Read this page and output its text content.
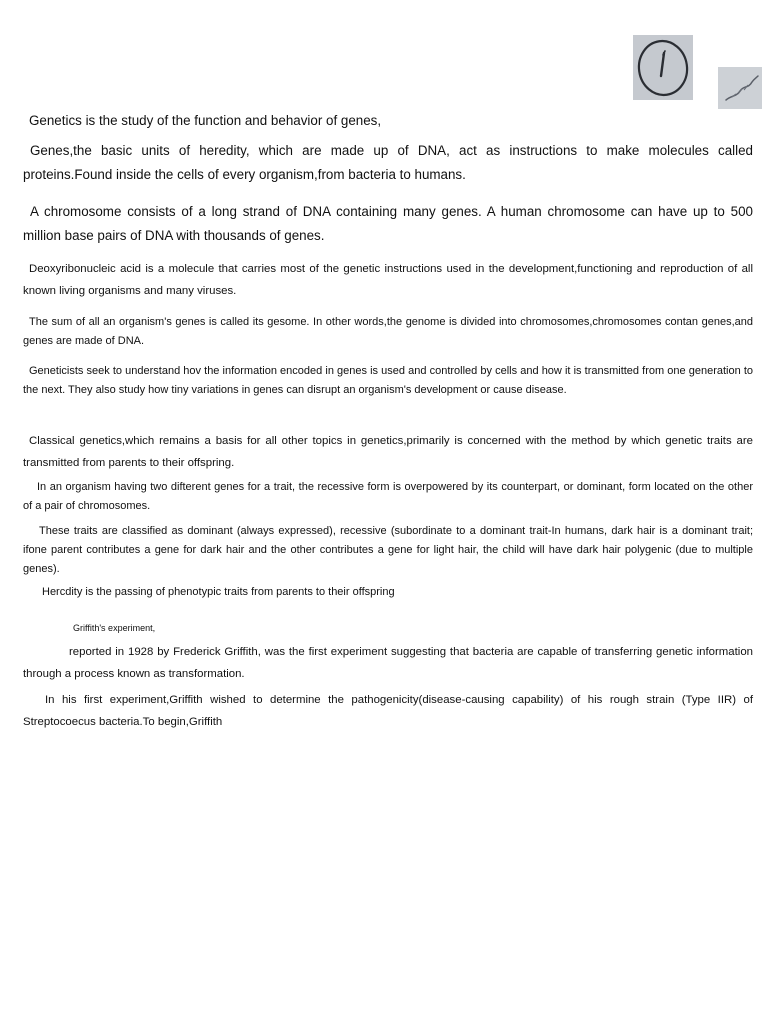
Genetics is the study of the function and behavior of genes,

Genes,the basic units of heredity, which are made up of DNA, act as instructions to make molecules called proteins.Found inside the cells of every organism,from bacteria to humans.

A chromosome consists of a long strand of DNA containing many genes. A human chromosome can have up to 500 million base pairs of DNA with thousands of genes.

Deoxyribonucleic acid is a molecule that carries most of the genetic instructions used in the development,functioning and reproduction of all known living organisms and many viruses.

The sum of all an organism's genes is called its gesome. In other words,the genome is divided into chromosomes,chromosomes contan genes,and genes are made of DNA.

Geneticists seek to understand hov the information encoded in genes is used and controlled by cells and how it is transmitted from one generation to the next. They also study how tiny variations in genes can disrupt an organism's development or cause disease.

Classical genetics,which remains a basis for all other topics in genetics,primarily is concerned with the method by which genetic traits are transmitted from parents to their offspring.

In an organism having two difterent genes for a trait, the recessive form is overpowered by its counterpart, or dominant, form located on the other of a pair of chromosomes.

These traits are classified as dominant (always expressed), recessive (subordinate to a dominant trait-In humans, dark hair is a dominant trait; ifone parent contributes a gene for dark hair and the other contributes a gene for light hair, the child will have dark hair polygenic (due to multiple genes).

Hercdity is the passing of phenotypic traits from parents to their offspring

Griffith's experiment,

reported in 1928 by Frederick Griffith, was the first experiment suggesting that bacteria are capable of transferring genetic information through a process known as transformation.

In his first experiment,Griffith wished to determine the pathogenicity(disease-causing capability) of his rough strain (Type IIR) of Streptocoecus bacteria.To begin,Griffith
